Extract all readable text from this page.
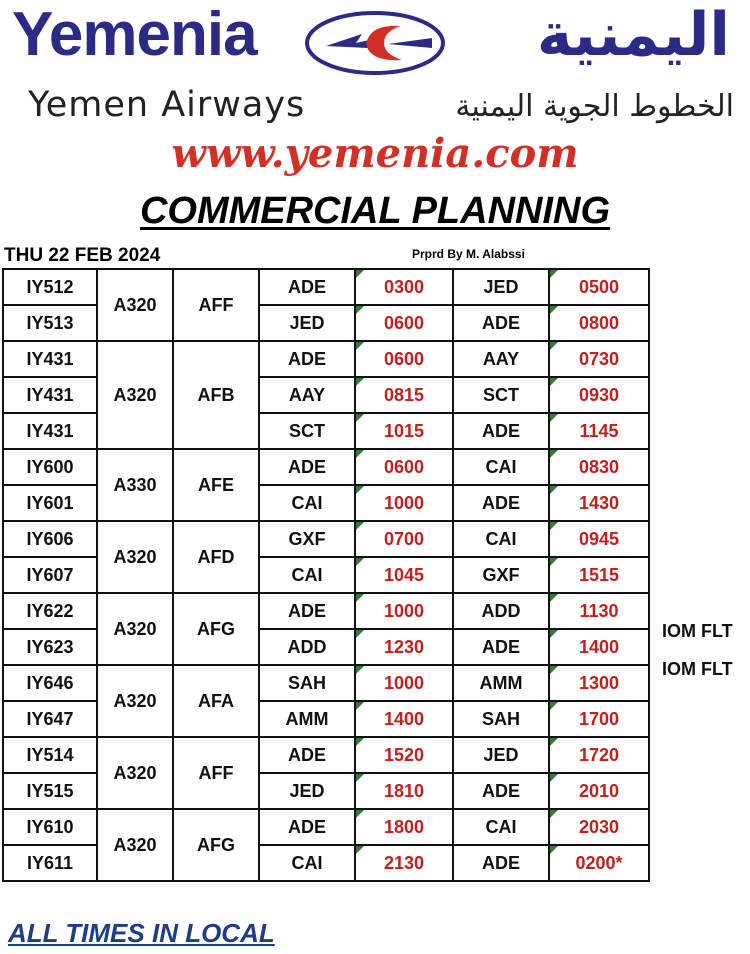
Yemenia	اليمنية
Yemen Airways	الخطوط الجوية اليمنية
www.yemenia.com
COMMERCIAL PLANNING
THU 22 FEB 2024	Prprd By M. Alabssi
IY512	A320	AFF	ADE	0300	JED	0500
IY513			JED	0600	ADE	0800
IY431	A320	AFB	ADE	0600	AAY	0730
IY431			AAY	0815	SCT	0930
IY431			SCT	1015	ADE	1145
IY600	A330	AFE	ADE	0600	CAI	0830
IY601			CAI	1000	ADE	1430
IY606	A320	AFD	GXF	0700	CAI	0945
IY607			CAI	1045	GXF	1515
IY622	A320	AFG	ADE	1000	ADD	1130
IY623			ADD	1230	ADE	1400
IY646	A320	AFA	SAH	1000	AMM	1300
IY647			AMM	1400	SAH	1700
IY514	A320	AFF	ADE	1520	JED	1720
IY515			JED	1810	ADE	2010
IY610	A320	AFG	ADE	1800	CAI	2030
IY611			CAI	2130	ADE	0200*
IOM FLT
IOM FLT
ALL TIMES IN LOCAL
